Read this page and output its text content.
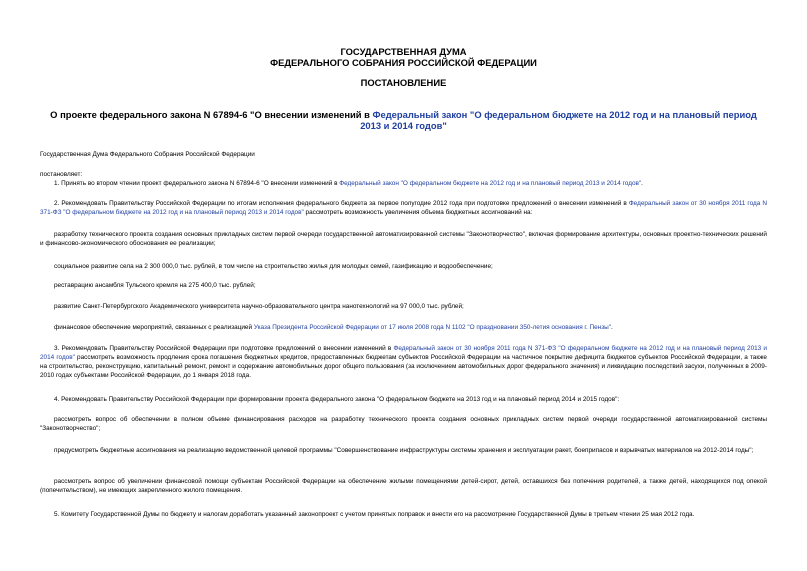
ГОСУДАРСТВЕННАЯ ДУМА
ФЕДЕРАЛЬНОГО СОБРАНИЯ РОССИЙСКОЙ ФЕДЕРАЦИИ
ПОСТАНОВЛЕНИЕ
О проекте федерального закона N 67894-6 "О внесении изменений в Федеральный закон "О федеральном бюджете на 2012 год и на плановый период 2013 и 2014 годов"
Государственная Дума Федерального Собрания Российской Федерации
постановляет:
1. Принять во втором чтении проект федерального закона N 67894-6 "О внесении изменений в Федеральный закон "О федеральном бюджете на 2012 год и на плановый период 2013 и 2014 годов".
2. Рекомендовать Правительству Российской Федерации по итогам исполнения федерального бюджета за первое полугодие 2012 года при подготовке предложений о внесении изменений в Федеральный закон от 30 ноября 2011 года N 371-ФЗ "О федеральном бюджете на 2012 год и на плановый период 2013 и 2014 годов" рассмотреть возможность увеличения объема бюджетных ассигнований на:
разработку технического проекта создания основных прикладных систем первой очереди государственной автоматизированной системы "Законотворчество", включая формирование архитектуры, основных проектно-технических решений и финансово-экономического обоснования ее реализации;
социальное развитие села на 2 300 000,0 тыс. рублей, в том числе на строительство жилья для молодых семей, газификацию и водообеспечение;
реставрацию ансамбля Тульского кремля на 275 400,0 тыс. рублей;
развитие Санкт-Петербургского Академического университета научно-образовательного центра нанотехнологий на 97 000,0 тыс. рублей;
финансовое обеспечение мероприятий, связанных с реализацией Указа Президента Российской Федерации от 17 июля 2008 года N 1102 "О праздновании 350-летия основания г. Пензы".
3. Рекомендовать Правительству Российской Федерации при подготовке предложений о внесении изменений в Федеральный закон от 30 ноября 2011 года N 371-ФЗ "О федеральном бюджете на 2012 год и на плановый период 2013 и 2014 годов" рассмотреть возможность продления срока погашения бюджетных кредитов, предоставленных бюджетам субъектов Российской Федерации на частичное покрытие дефицита бюджетов субъектов Российской Федерации, а также на строительство, реконструкцию, капитальный ремонт, ремонт и содержание автомобильных дорог общего пользования (за исключением автомобильных дорог федерального значения) и ликвидацию последствий засухи, полученных в 2009-2010 годах субъектами Российской Федерации, до 1 января 2018 года.
4. Рекомендовать Правительству Российской Федерации при формировании проекта федерального закона "О федеральном бюджете на 2013 год и на плановый период 2014 и 2015 годов":
рассмотреть вопрос об обеспечении в полном объеме финансирования расходов на разработку технического проекта создания основных прикладных систем первой очереди государственной автоматизированной системы "Законотворчество";
предусмотреть бюджетные ассигнования на реализацию ведомственной целевой программы "Совершенствование инфраструктуры системы хранения и эксплуатации ракет, боеприпасов и взрывчатых материалов на 2012-2014 годы";
рассмотреть вопрос об увеличении финансовой помощи субъектам Российской Федерации на обеспечение жилыми помещениями детей-сирот, детей, оставшихся без попечения родителей, а также детей, находящихся под опекой (попечительством), не имеющих закрепленного жилого помещения.
5. Комитету Государственной Думы по бюджету и налогам доработать указанный законопроект с учетом принятых поправок и внести его на рассмотрение Государственной Думы в третьем чтении 25 мая 2012 года.
